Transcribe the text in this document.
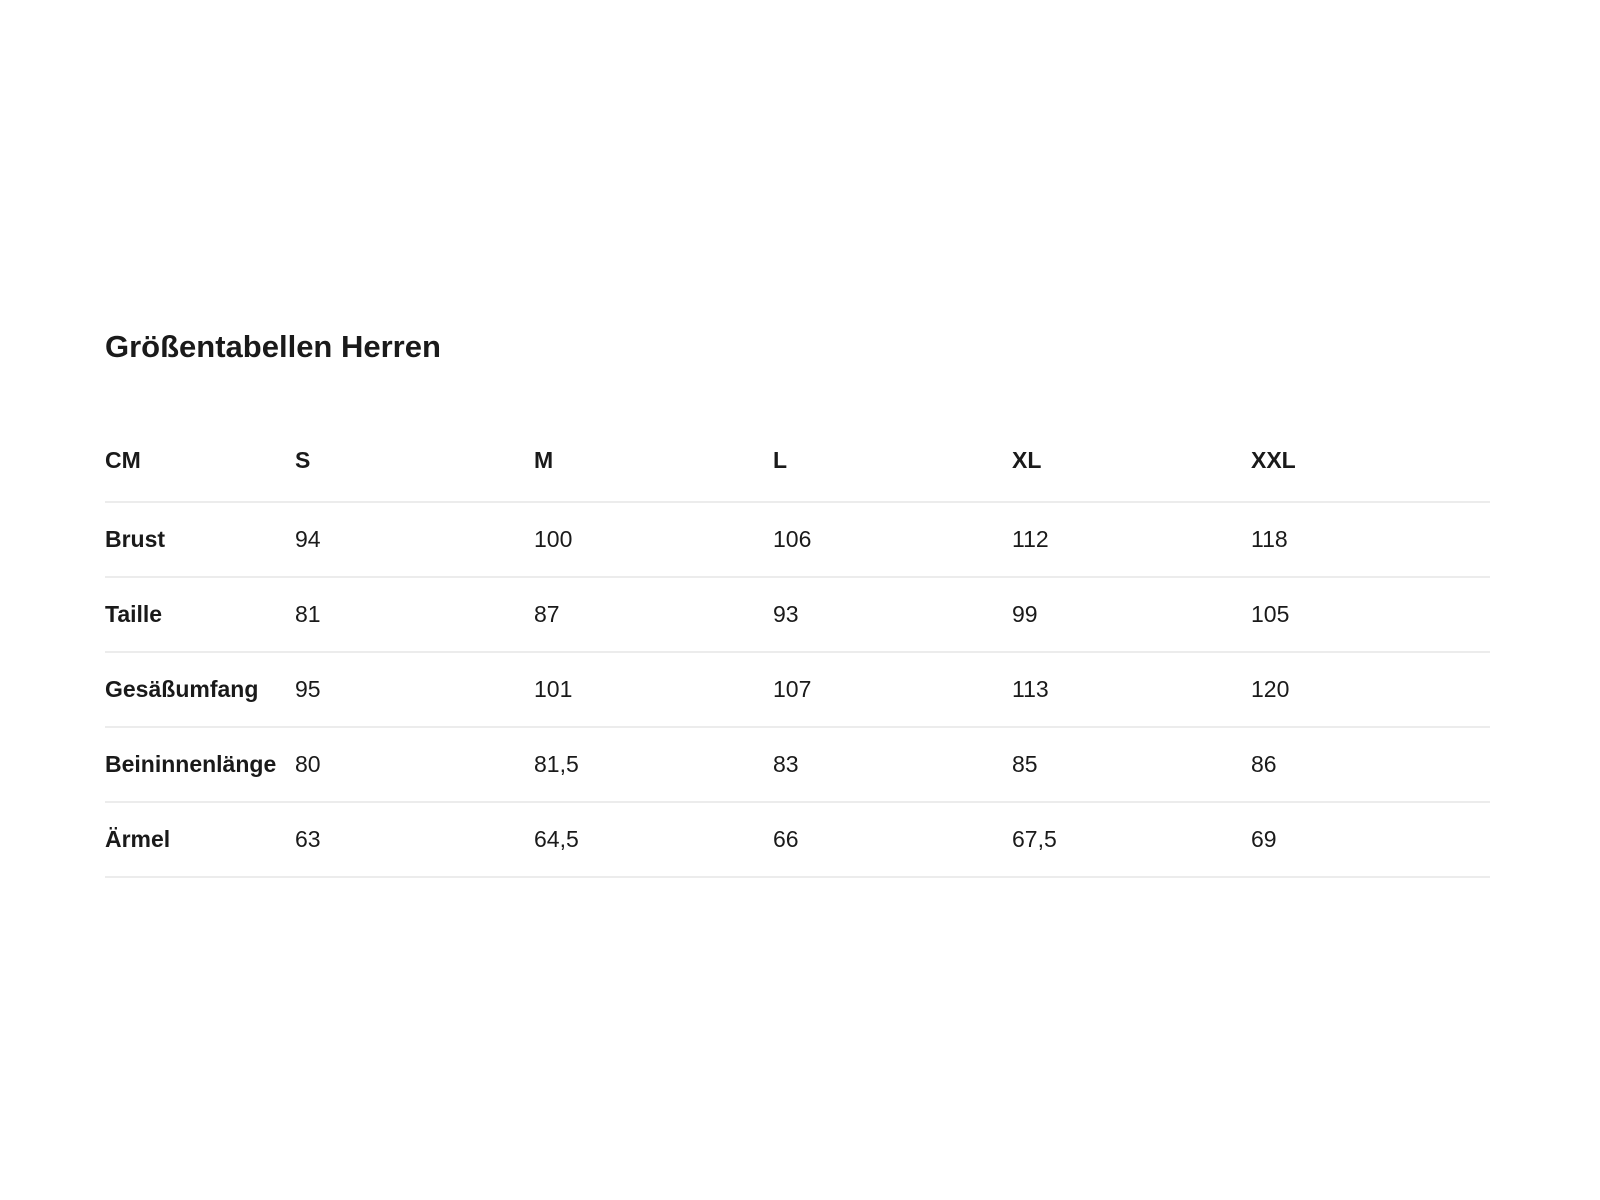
Größentabellen Herren
CM	S	M	L	XL	XXL
Brust	94	100	106	112	118
Taille	81	87	93	99	105
Gesäßumfang	95	101	107	113	120
Beininnenlänge	80	81,5	83	85	86
Ärmel	63	64,5	66	67,5	69
